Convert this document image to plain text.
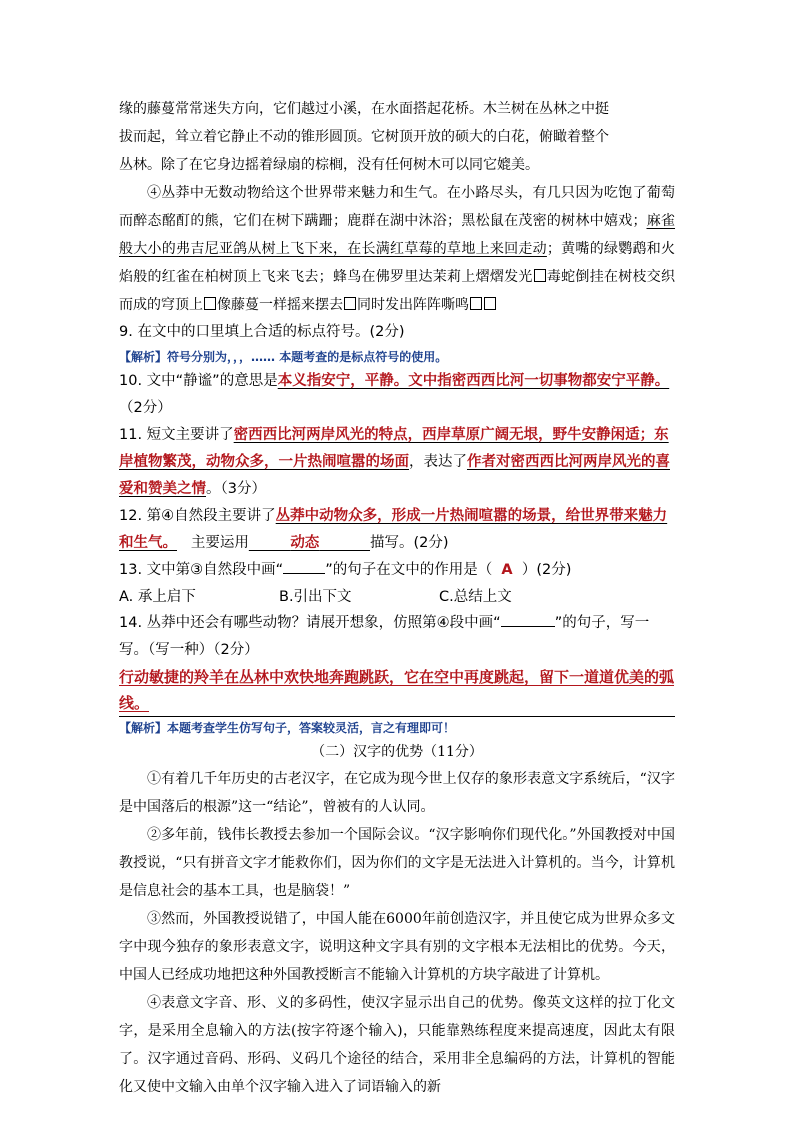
缘的藤蔓常常迷失方向，它们越过小溪，在水面搭起花桥。木兰树在丛林之中挺
拔而起，耸立着它静止不动的锥形圆顶。它树顶开放的硕大的白花，俯瞰着整个
丛林。除了在它身边摇着绿扇的棕榈，没有任何树木可以同它媲美。

④丛莽中无数动物给这个世界带来魅力和生气。在小路尽头，有几只因为吃饱了葡萄而醉态酩酊的熊，它们在树下蹒跚；鹿群在湖中沐浴；黑松鼠在茂密的树林中嬉戏；麻雀般大小的弗吉尼亚鸽从树上飞下来，在长满红草莓的草地上来回走动；黄嘴的绿鹦鹉和火焰般的红雀在柏树顶上飞来飞去；蜂鸟在佛罗里达茉莉上熠熠发光 毒蛇倒挂在树枝交织而成的穹顶上 像藤蔓一样摇来摆去 同时发出阵阵嘶鸣

9. 在文中的口里填上合适的标点符号。(2分)

【解析】符号分别为，，，…… 本题考查的是标点符号的使用。

10. 文中“静谧”的意思是本义指安宁，平静。文中指密西西比河一切事物都安宁平静。（2分）

11. 短文主要讲了密西西比河两岸风光的特点，西岸草原广阔无垠，野牛安静闲适；东岸植物繁茂，动物众多，一片热闹喧嚣的场面，表达了作者对密西西比河两岸风光的喜爱和赞美之情。（3分）

12. 第④自然段主要讲了丛莽中动物众多，形成一片热闹喧嚣的场景，给世界带来魅力和生气。 主要运用	动态	描写。(2分)

13. 文中第③自然段中画“	”的句子在文中的作用是（ A ）(2分)

A. 承上启下	B.引出下文	C.总结上文

14. 丛莽中还会有哪些动物？请展开想象，仿照第④段中画“	”的句子，写一写。（写一种）（2分）

行动敏捷的羚羊在丛林中欢快地奔跑跳跃，它在空中再度跳起，留下一道道优美的弧线。

【解析】本题考查学生仿写句子，答案较灵活，言之有理即可！

（二）汉字的优势（11分）

①有着几千年历史的古老汉字，在它成为现今世上仅存的象形表意文字系统后，“汉字是中国落后的根源”这一“结论”，曾被有的人认同。

②多年前，钱伟长教授去参加一个国际会议。“汉字影响你们现代化。”外国教授对中国教授说，“只有拼音文字才能救你们，因为你们的文字是无法进入计算机的。当今，计算机是信息社会的基本工具，也是脑袋！”

③然而，外国教授说错了，中国人能在6000年前创造汉字，并且使它成为世界众多文字中现今独存的象形表意文字，说明这种文字具有别的文字根本无法相比的优势。今天，中国人已经成功地把这种外国教授断言不能输入计算机的方块字敲进了计算机。

④表意文字音、形、义的多码性，使汉字显示出自己的优势。像英文这样的拉丁化文字，是采用全息输入的方法(按字符逐个输入)，只能靠熟练程度来提高速度，因此太有限了。汉字通过音码、形码、义码几个途径的结合，采用非全息编码的方法，计算机的智能化又使中文输入由单个汉字输入进入了词语输入的新
